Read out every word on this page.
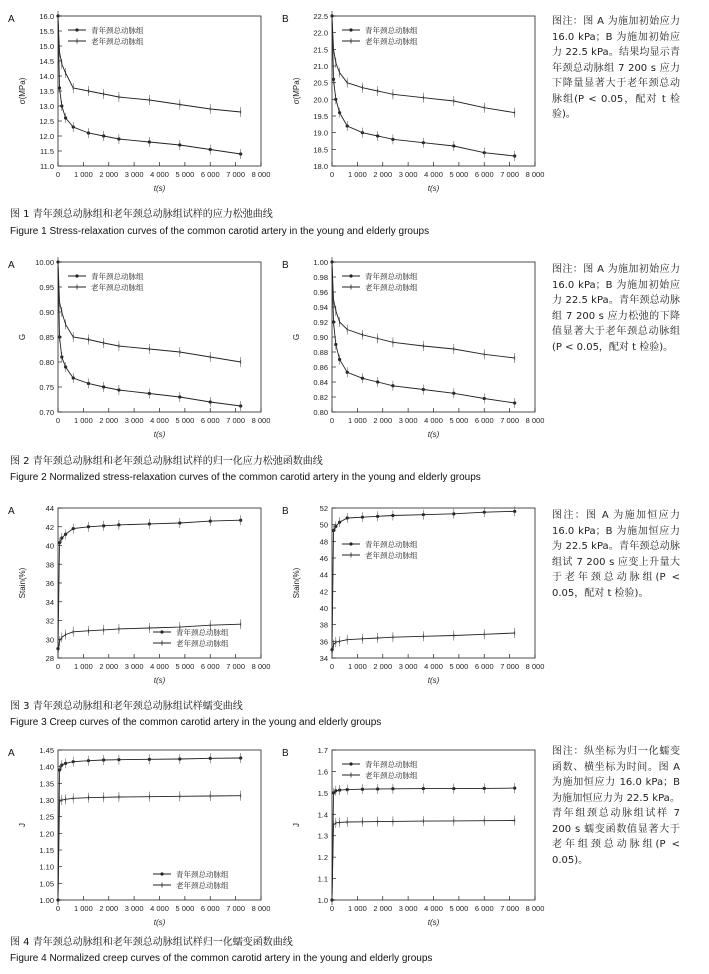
A
11.0
11.5
12.0
12.5
13.0
13.5
14.0
14.5
15.0
15.5
16.0
0 1 000 2 000 3 000 4 000 5 000 6 000 7 000 8 000
t(s)
σ(MPa)
青年颈总动脉组
老年颈总动脉组
B
18.0
18.5
19.0
19.5
20.0
20.5
21.0
21.5
22.0
22.5
0 1 000 2 000 3 000 4 000 5 000 6 000 7 000 8 000
t(s)
σ(MPa)
青年颈总动脉组
老年颈总动脉组
图注：图 A 为施加初始应力 16.0 kPa；B 为施加初始应力 22.5 kPa。结果均显示青年颈总动脉组 7 200 s 应力下降量显著大于老年颈总动脉组(P < 0.05，配对 t 检验)。
图 1 青年颈总动脉组和老年颈总动脉组试样的应力松弛曲线
Figure 1 Stress-relaxation curves of the common carotid artery in the young and elderly groups
A
0.70
0.75
0.80
0.85
0.90
0.95
10.00
0 1 000 2 000 3 000 4 000 5 000 6 000 7 000 8 000
t(s)
G
青年颈总动脉组
老年颈总动脉组
B
0.80
0.82
0.84
0.86
0.88
0.90
0.92
0.94
0.96
0.98
1.00
0 1 000 2 000 3 000 4 000 5 000 6 000 7 000 8 000
t(s)
G
青年颈总动脉组
老年颈总动脉组
图注：图 A 为施加初始应力 16.0 kPa；B 为施加初始应力 22.5 kPa。青年颈总动脉组 7 200 s 应力松弛的下降值显著大于老年颈总动脉组(P < 0.05，配对 t 检验)。
图 2 青年颈总动脉组和老年颈总动脉组试样的归一化应力松弛函数曲线
Figure 2 Normalized stress-relaxation curves of the common carotid artery in the young and elderly groups
A
28
30
32
34
36
38
40
42
44
0 1 000 2 000 3 000 4 000 5 000 6 000 7 000 8 000
t(s)
Stain(%)
青年颈总动脉组
老年颈总动脉组
B
34
36
38
40
42
44
46
48
50
52
0 1 000 2 000 3 000 4 000 5 000 6 000 7 000 8 000
t(s)
Stain(%)
青年颈总动脉组
老年颈总动脉组
图注：图 A 为施加恒应力 16.0 kPa；B 为施加恒应力为 22.5 kPa。青年颈总动脉组试 7 200 s 应变上升量大于老年颈总动脉组(P < 0.05，配对 t 检验)。
图 3 青年颈总动脉组和老年颈总动脉组试样蠕变曲线
Figure 3 Creep curves of the common carotid artery in the young and elderly groups
A
1.00
1.05
1.10
1.15
1.20
1.25
1.30
1.35
1.40
1.45
0 1 000 2 000 3 000 4 000 5 000 6 000 7 000 8 000
t(s)
J
青年颈总动脉组
老年颈总动脉组
B
1.0
1.1
1.2
1.3
1.4
1.5
1.6
1.7
0 1 000 2 000 3 000 4 000 5 000 6 000 7 000 8 000
t(s)
J
青年颈总动脉组
老年颈总动脉组
图注：纵坐标为归一化蠕变函数、横坐标为时间。图 A 为施加恒应力 16.0 kPa；B 为施加恒应力为 22.5 kPa。青年组颈总动脉组试样 7 200 s 蠕变函数值显著大于老年组颈总动脉组(P < 0.05)。
图 4 青年颈总动脉组和老年颈总动脉组试样归一化蠕变函数曲线
Figure 4 Normalized creep curves of the common carotid artery in the young and elderly groups
